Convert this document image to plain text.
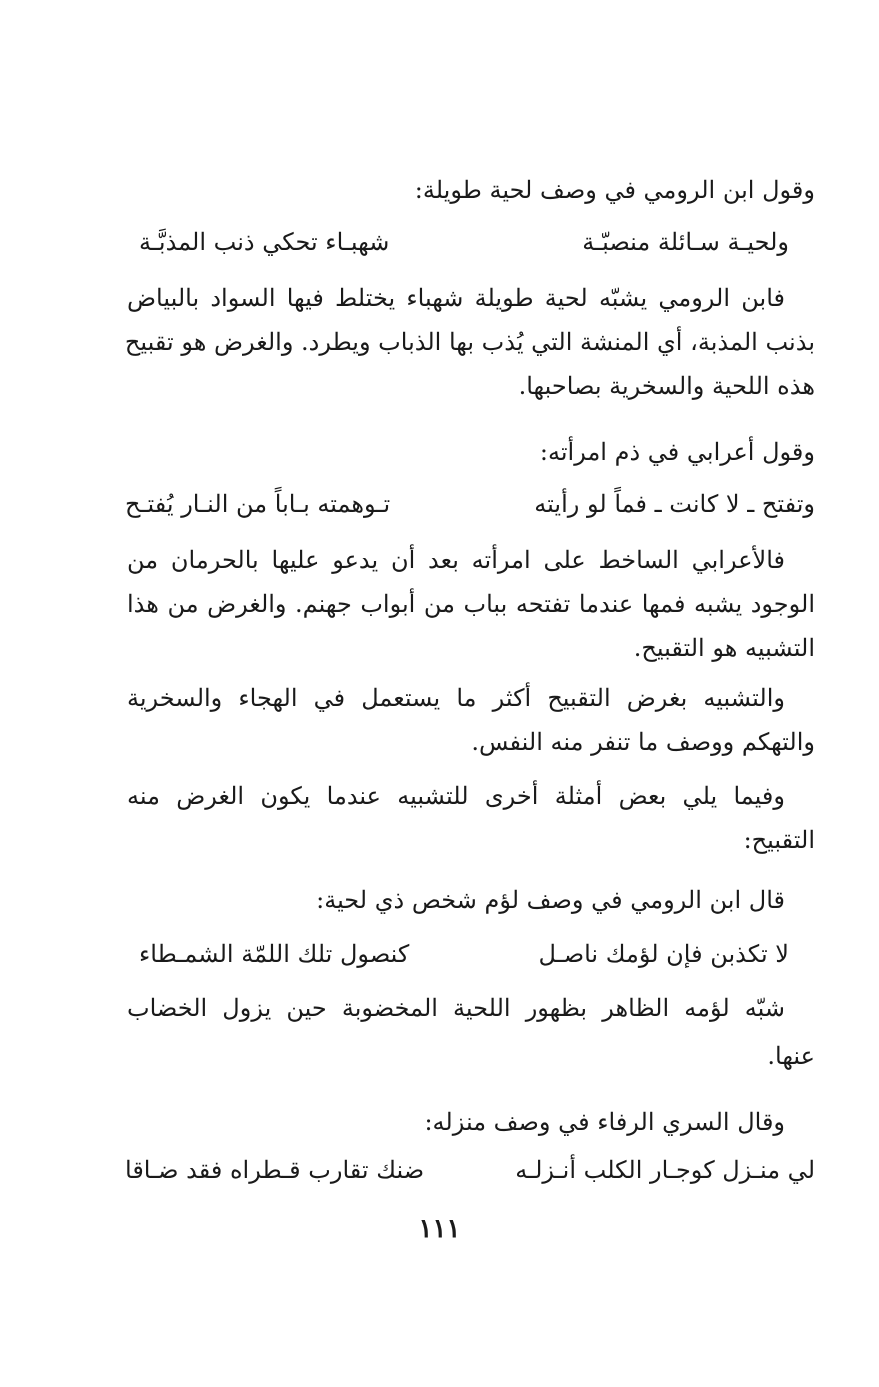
وقول ابن الرومي في وصف لحية طويلة:
ولحيـة سـائلة منصبّـة
شهبـاء تحكي ذنب المذبَّـة
فابن الرومي يشبّه لحية طويلة شهباء يختلط فيها السواد بالبياض
بذنب المذبة، أي المنشة التي يُذب بها الذباب ويطرد. والغرض هو تقبيح
هذه اللحية والسخرية بصاحبها.
وقول أعرابي في ذم امرأته:
وتفتح ـ لا كانت ـ فماً لو رأيته
تـوهمته بـاباً من النـار يُفتـح
فالأعرابي الساخط على امرأته بعد أن يدعو عليها بالحرمان من
الوجود يشبه فمها عندما تفتحه بباب من أبواب جهنم. والغرض من هذا
التشبيه هو التقبيح.
والتشبيه بغرض التقبيح أكثر ما يستعمل في الهجاء والسخرية
والتهكم ووصف ما تنفر منه النفس.
وفيما يلي بعض أمثلة أخرى للتشبيه عندما يكون الغرض منه
التقبيح:
قال ابن الرومي في وصف لؤم شخص ذي لحية:
لا تكذبن فإن لؤمك ناصـل
كنصول تلك اللمّة الشمـطاء
شبّه لؤمه الظاهر بظهور اللحية المخضوبة حين يزول الخضاب
عنها.
وقال السري الرفاء في وصف منزله:
لي منـزل كوجـار الكلب أنـزلـه
ضنك تقارب قـطراه فقد ضـاقا
١١١
